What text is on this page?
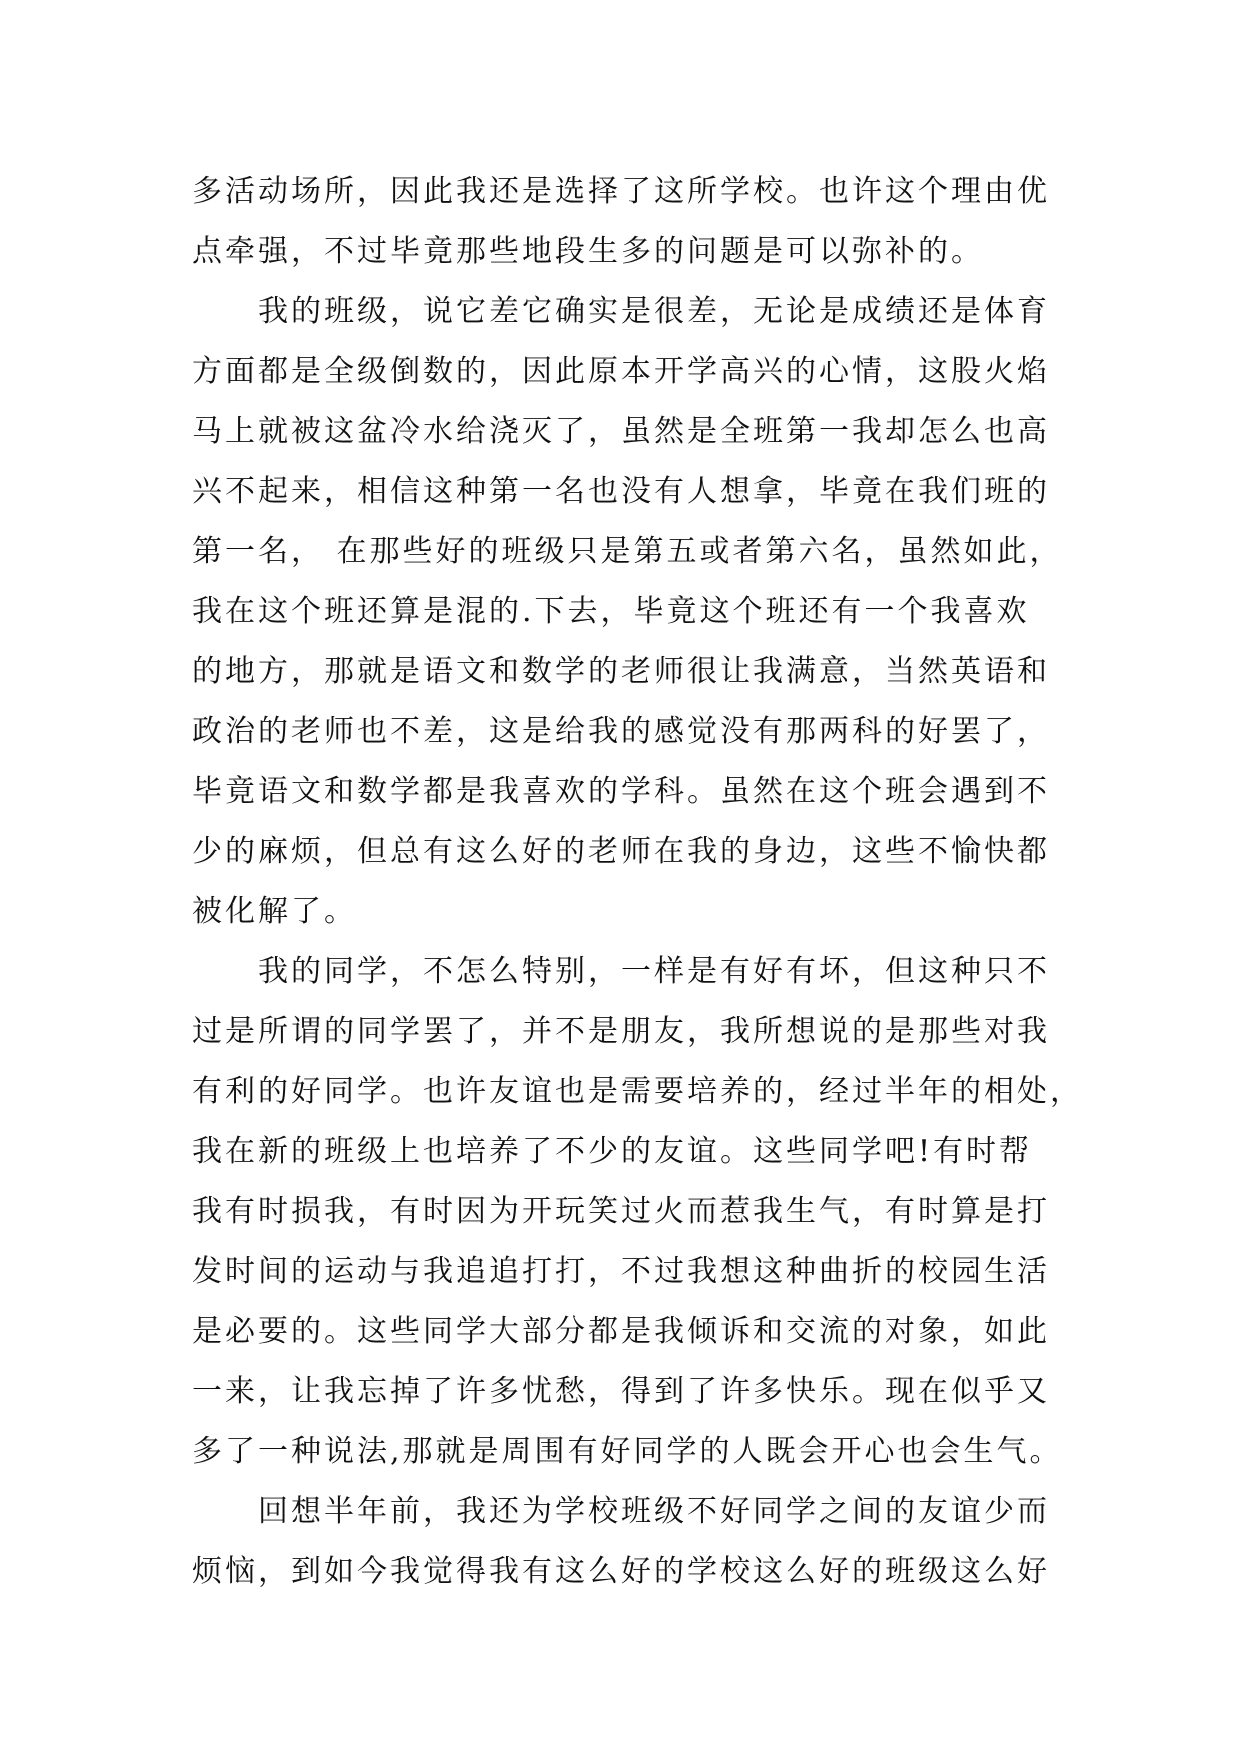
多活动场所，因此我还是选择了这所学校。也许这个理由优
点牵强，不过毕竟那些地段生多的问题是可以弥补的。
我的班级，说它差它确实是很差，无论是成绩还是体育
方面都是全级倒数的，因此原本开学高兴的心情，这股火焰
马上就被这盆冷水给浇灭了，虽然是全班第一我却怎么也高
兴不起来，相信这种第一名也没有人想拿，毕竟在我们班的
第一名， 在那些好的班级只是第五或者第六名，虽然如此，
我在这个班还算是混的.下去，毕竟这个班还有一个我喜欢
的地方，那就是语文和数学的老师很让我满意，当然英语和
政治的老师也不差，这是给我的感觉没有那两科的好罢了，
毕竟语文和数学都是我喜欢的学科。虽然在这个班会遇到不
少的麻烦，但总有这么好的老师在我的身边，这些不愉快都
被化解了。
我的同学，不怎么特别，一样是有好有坏，但这种只不
过是所谓的同学罢了，并不是朋友，我所想说的是那些对我
有利的好同学。也许友谊也是需要培养的，经过半年的相处，
我在新的班级上也培养了不少的友谊。这些同学吧!有时帮
我有时损我，有时因为开玩笑过火而惹我生气，有时算是打
发时间的运动与我追追打打，不过我想这种曲折的校园生活
是必要的。这些同学大部分都是我倾诉和交流的对象，如此
一来，让我忘掉了许多忧愁，得到了许多快乐。现在似乎又
多了一种说法,那就是周围有好同学的人既会开心也会生气。
回想半年前，我还为学校班级不好同学之间的友谊少而
烦恼，到如今我觉得我有这么好的学校这么好的班级这么好
